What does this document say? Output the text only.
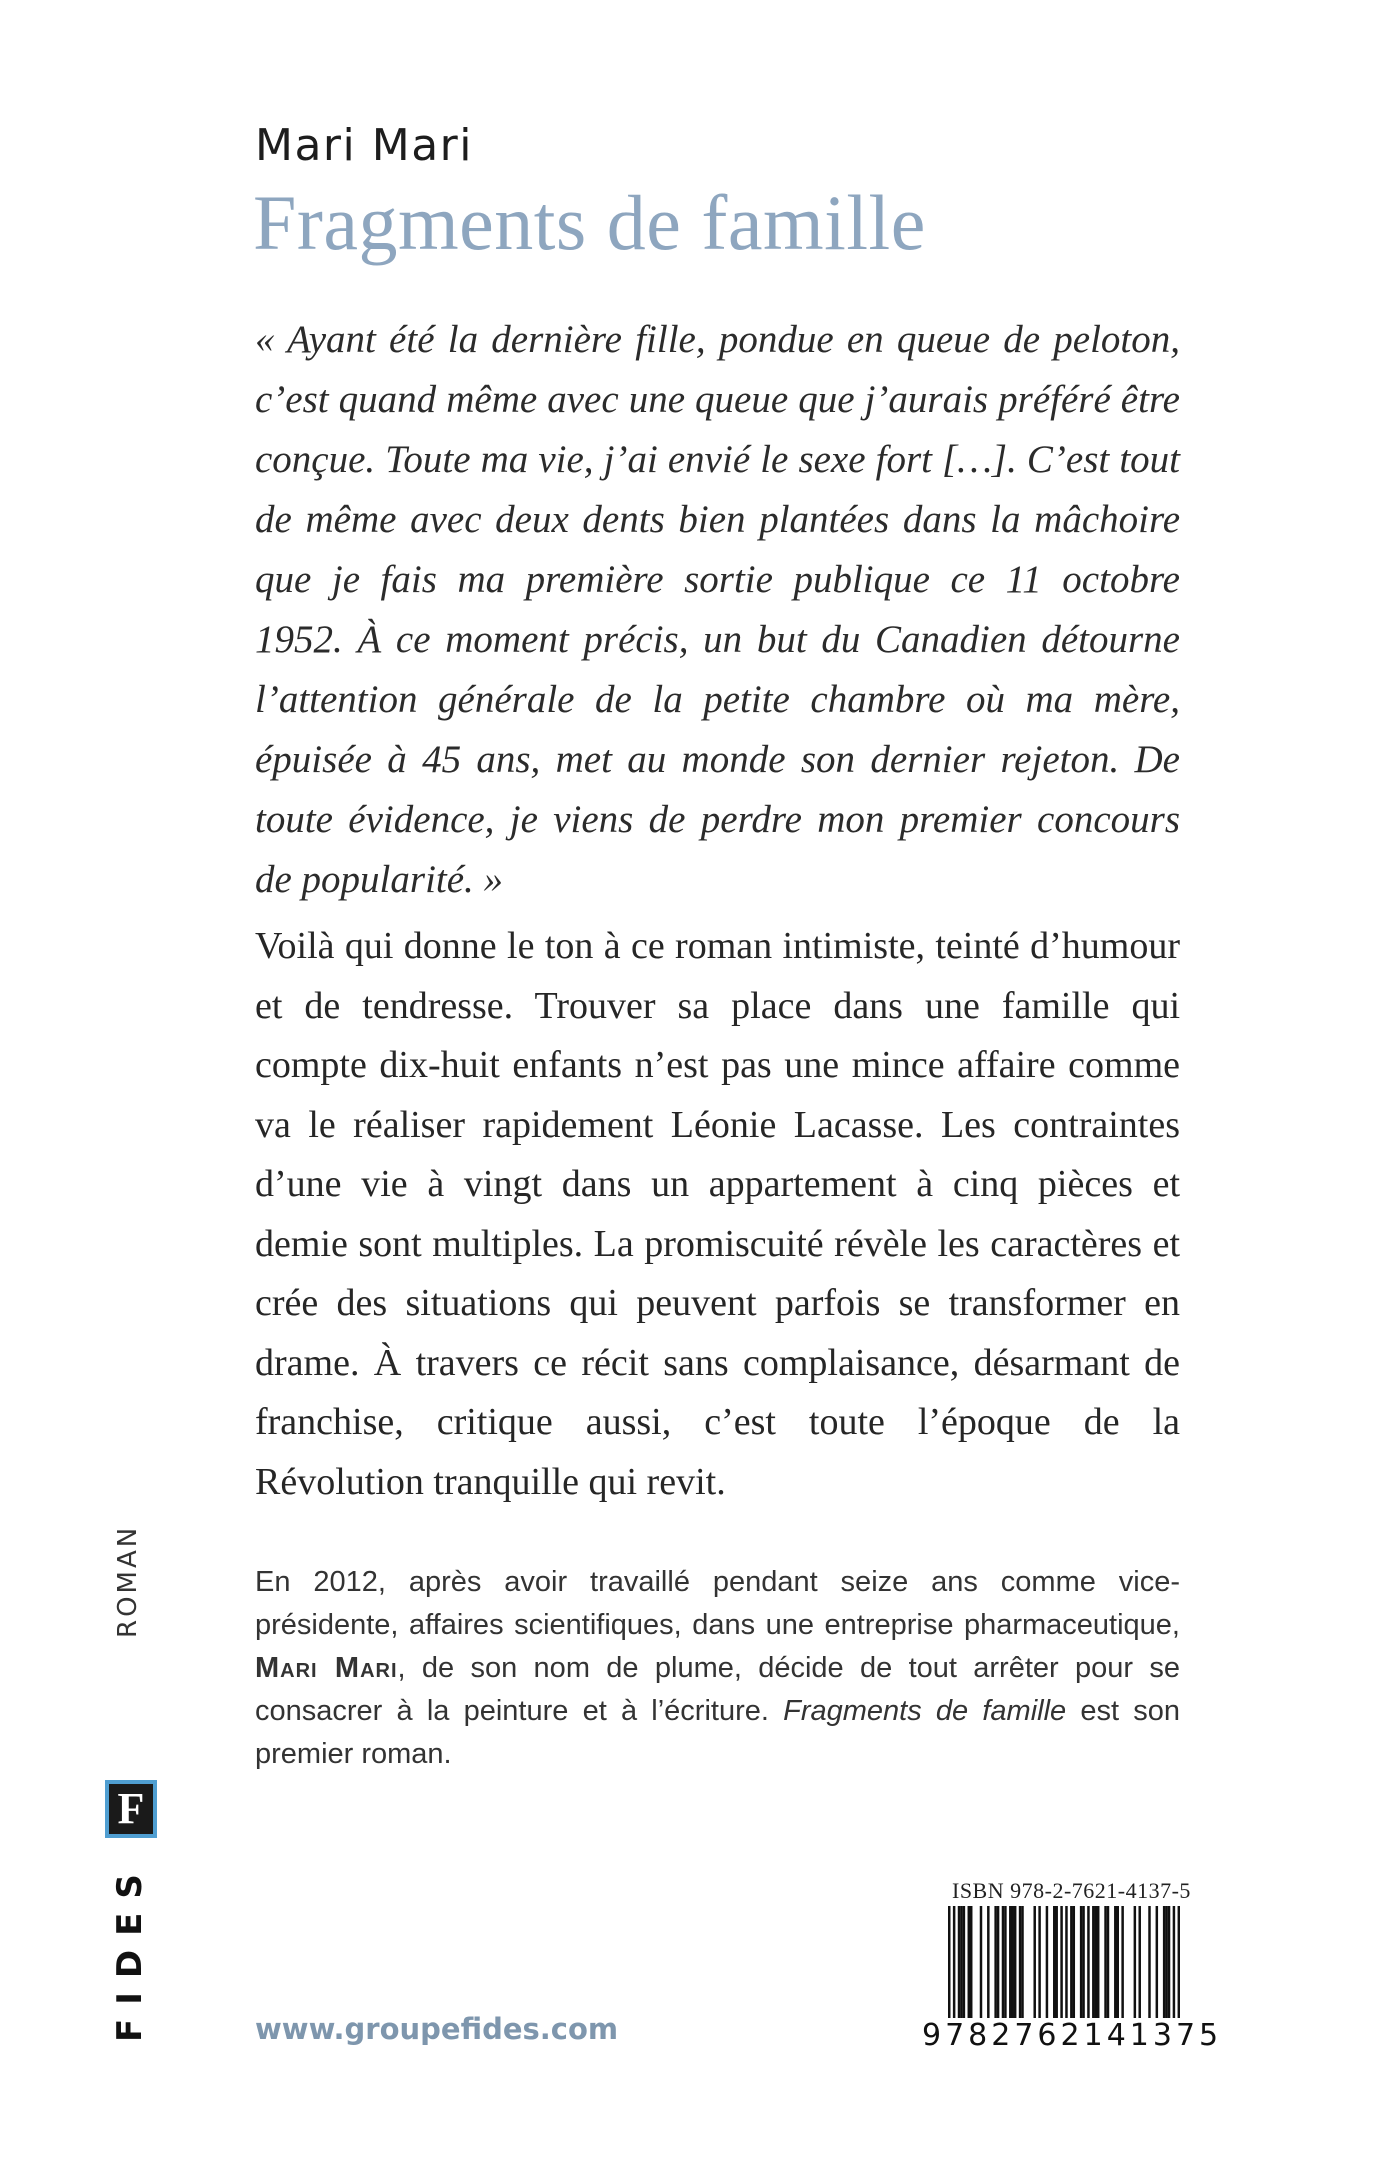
Mari Mari
Fragments de famille

« Ayant été la dernière fille, pondue en queue de peloton, c’est quand même avec une queue que j’aurais préféré être conçue. Toute ma vie, j’ai envié le sexe fort […]. C’est tout de même avec deux dents bien plantées dans la mâchoire que je fais ma première sortie publique ce 11 octobre 1952. À ce moment précis, un but du Canadien détourne l’attention générale de la petite chambre où ma mère, épuisée à 45 ans, met au monde son dernier rejeton. De toute évidence, je viens de perdre mon premier concours de popularité. »

Voilà qui donne le ton à ce roman intimiste, teinté d’humour et de tendresse. Trouver sa place dans une famille qui compte dix-huit enfants n’est pas une mince affaire comme va le réaliser rapidement Léonie Lacasse. Les contraintes d’une vie à vingt dans un appartement à cinq pièces et demie sont multiples. La promiscuité révèle les caractères et crée des situations qui peuvent parfois se transformer en drame. À travers ce récit sans complaisance, désarmant de franchise, critique aussi, c’est toute l’époque de la Révolution tranquille qui revit.

En 2012, après avoir travaillé pendant seize ans comme vice-présidente, affaires scientifiques, dans une entreprise pharmaceutique, Mari Mari, de son nom de plume, décide de tout arrêter pour se consacrer à la peinture et à l’écriture. Fragments de famille est son premier roman.

ROMAN
F
FIDES	www.groupefides.com

ISBN 978-2-7621-4137-5
9782762141375
